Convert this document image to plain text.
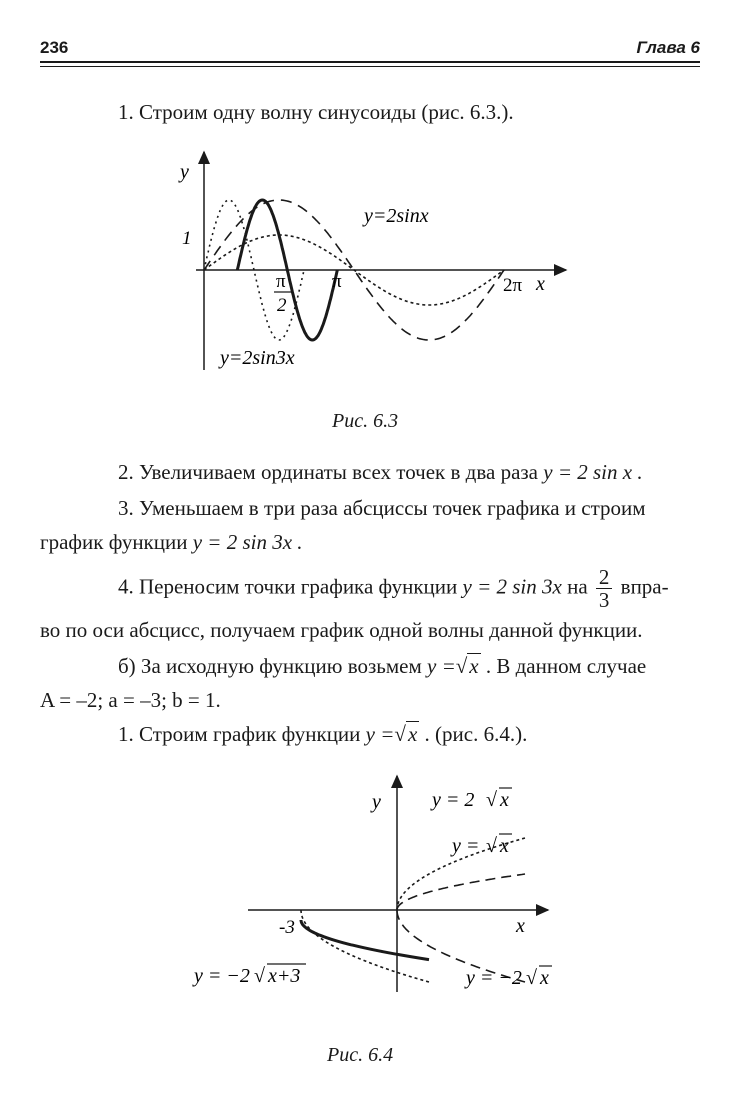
236	Глава 6
1. Строим одну волну синусоиды (рис. 6.3.).
y
1
π
2
π	2π x
y=2sinx
y=2sin3x
Рис. 6.3
2. Увеличиваем ординаты всех точек в два раза y = 2 sin x .
3. Уменьшаем в три раза абсциссы точек графика и строим
график функции y = 2 sin 3x .
4. Переносим точки графика функции y = 2 sin 3x на $\frac{2}{3}$ впра-
во по оси абсцисс, получаем график одной волны данной функции.
б) За исходную функцию возьмем y =√x . В данном случае
A = –2; a = –3; b = 1.
1. Строим график функции y =√x . (рис. 6.4.).
y
x
-3
y = 2 √ x
y = √ x
y = −2 √ x+3	y = −2 √ x
Рис. 6.4
